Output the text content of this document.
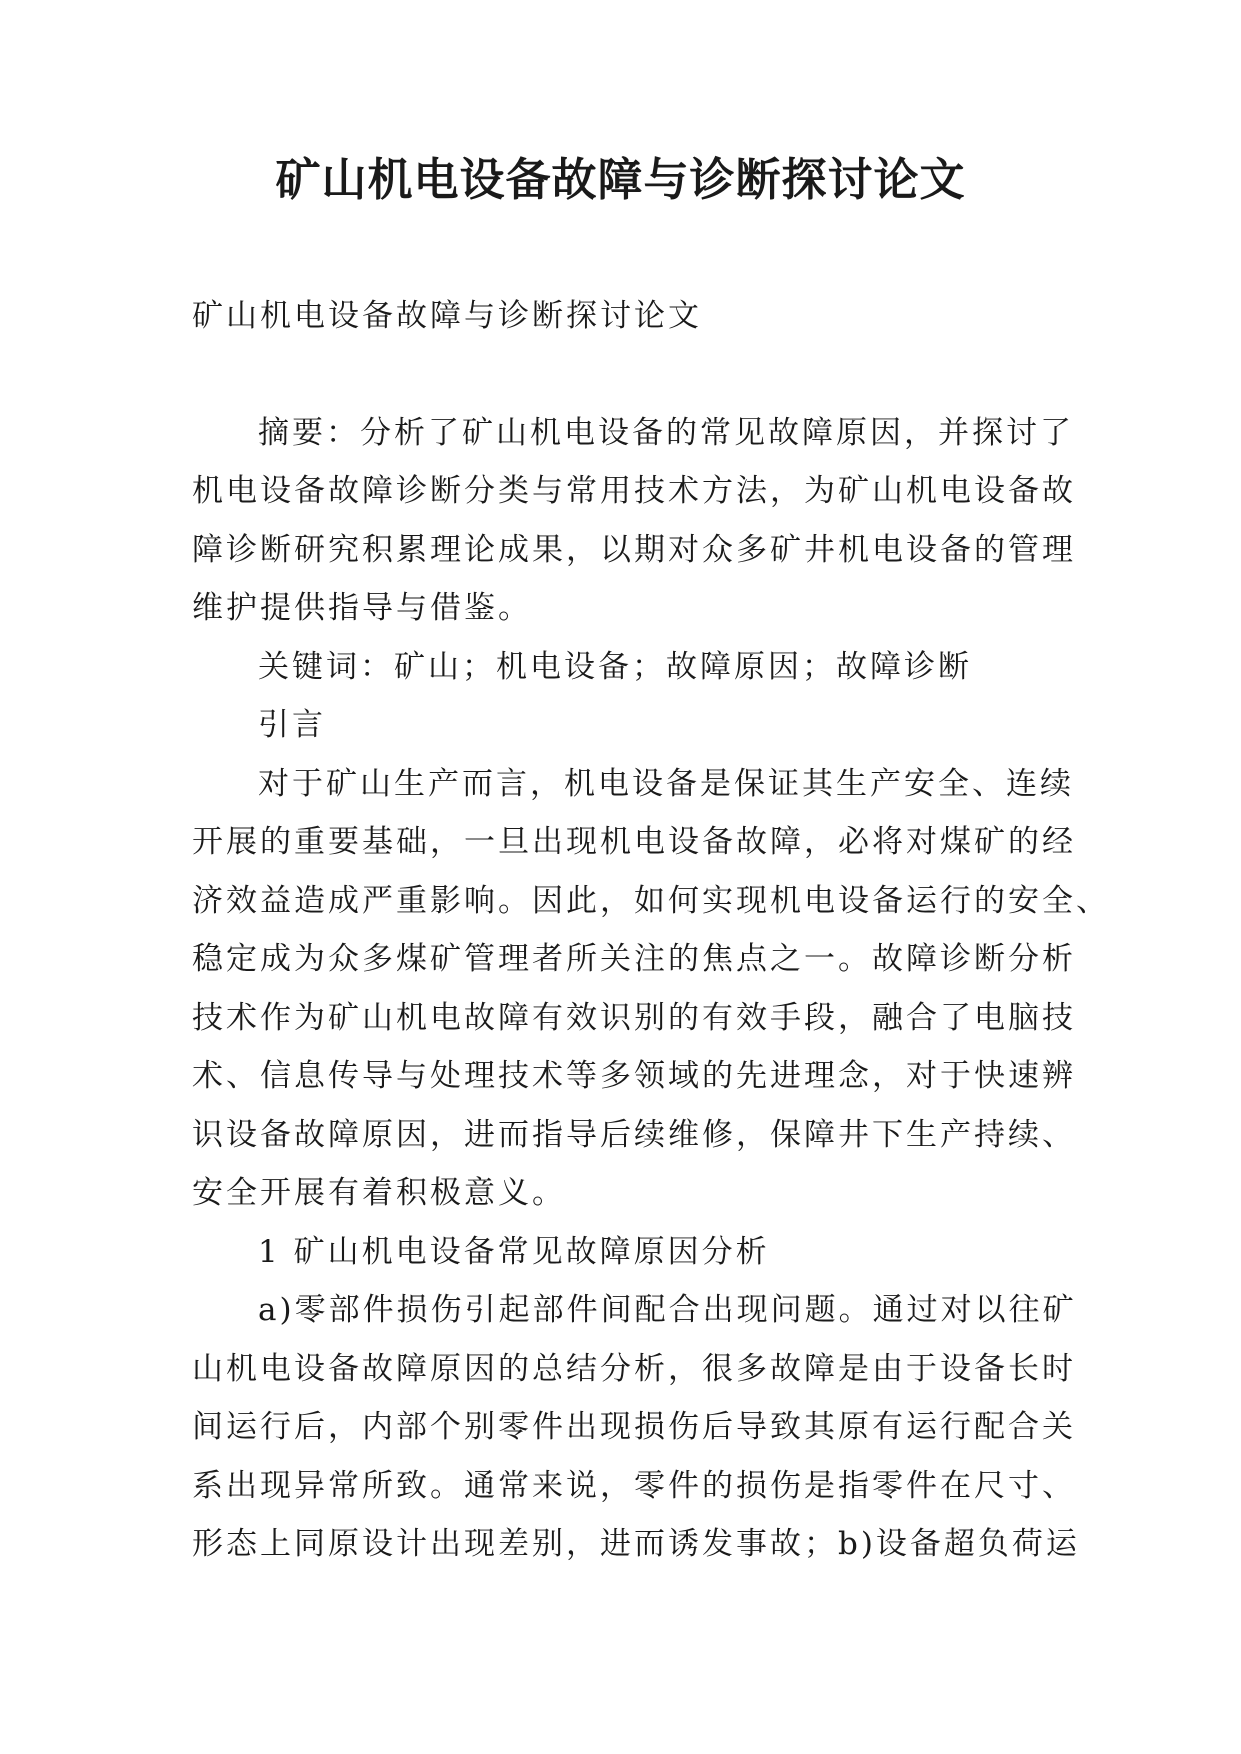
矿山机电设备故障与诊断探讨论文
矿山机电设备故障与诊断探讨论文
摘要：分析了矿山机电设备的常见故障原因，并探讨了
机电设备故障诊断分类与常用技术方法，为矿山机电设备故
障诊断研究积累理论成果，以期对众多矿井机电设备的管理
维护提供指导与借鉴。
关键词：矿山；机电设备；故障原因；故障诊断
引言
对于矿山生产而言，机电设备是保证其生产安全、连续
开展的重要基础，一旦出现机电设备故障，必将对煤矿的经
济效益造成严重影响。因此，如何实现机电设备运行的安全、
稳定成为众多煤矿管理者所关注的焦点之一。故障诊断分析
技术作为矿山机电故障有效识别的有效手段，融合了电脑技
术、信息传导与处理技术等多领域的先进理念，对于快速辨
识设备故障原因，进而指导后续维修，保障井下生产持续、
安全开展有着积极意义。
1 矿山机电设备常见故障原因分析
a)零部件损伤引起部件间配合出现问题。通过对以往矿
山机电设备故障原因的总结分析，很多故障是由于设备长时
间运行后，内部个别零件出现损伤后导致其原有运行配合关
系出现异常所致。通常来说，零件的损伤是指零件在尺寸、
形态上同原设计出现差别，进而诱发事故；b)设备超负荷运
